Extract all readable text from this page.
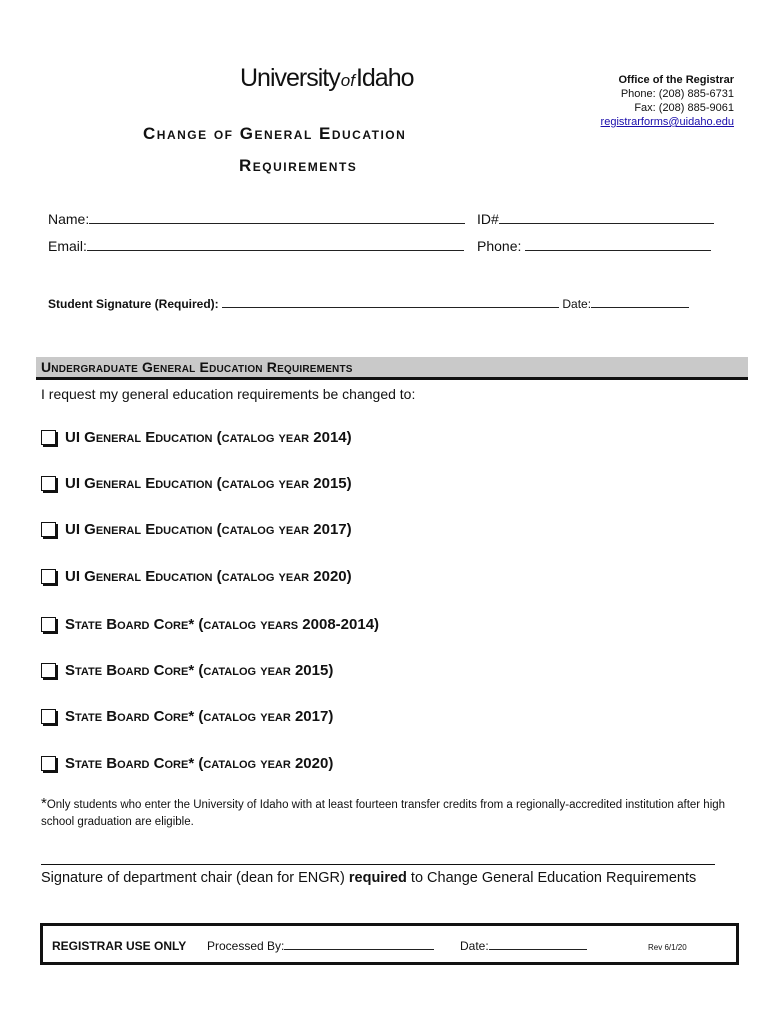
UniversityofIdaho	Office of the Registrar
Phone: (208) 885-6731
Fax: (208) 885-9061
registrarforms@uidaho.edu
Change of General Education
Requirements
Name:	ID#
Email:	Phone:
Student Signature (Required):	Date:
Undergraduate General Education Requirements
I request my general education requirements be changed to:
UI General Education (catalog year 2014)
UI General Education (catalog year 2015)
UI General Education (catalog year 2017)
UI General Education (catalog year 2020)
State Board Core* (catalog years 2008-2014)
State Board Core* (catalog year 2015)
State Board Core* (catalog year 2017)
State Board Core* (catalog year 2020)
*Only students who enter the University of Idaho with at least fourteen transfer credits from a regionally-accredited institution after high school graduation are eligible.
Signature of department chair (dean for ENGR) required to Change General Education Requirements
REGISTRAR USE ONLY Processed By:	Date:	Rev 6/1/20
